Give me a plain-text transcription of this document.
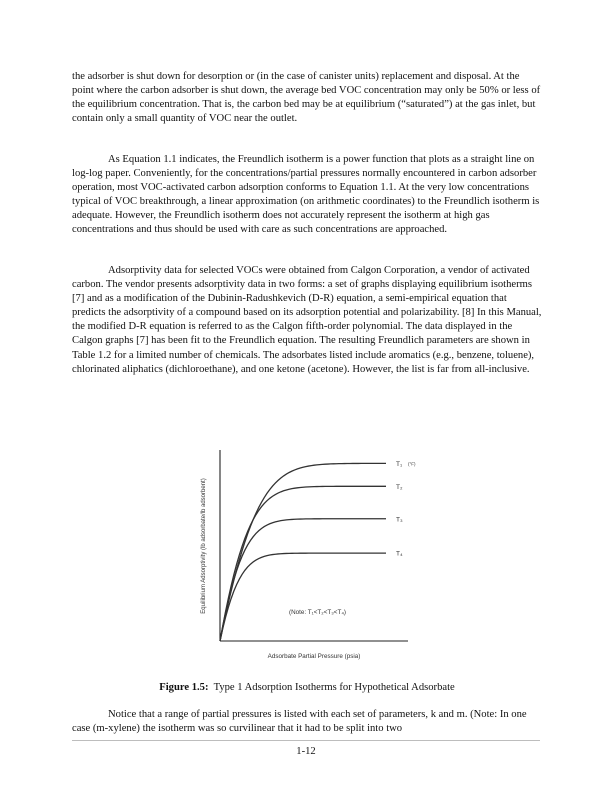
the adsorber is shut down for desorption or (in the case of canister units) replacement and disposal. At the point where the carbon adsorber is shut down, the average bed VOC concentration may only be 50% or less of the equilibrium concentration. That is, the carbon bed may be at equilibrium (“saturated”) at the gas inlet, but contain only a small quantity of VOC near the outlet.

As Equation 1.1 indicates, the Freundlich isotherm is a power function that plots as a straight line on log-log paper. Conveniently, for the concentrations/partial pressures normally encountered in carbon adsorber operation, most VOC-activated carbon adsorption conforms to Equation 1.1. At the very low concentrations typical of VOC breakthrough, a linear approximation (on arithmetic coordinates) to the Freundlich isotherm is adequate. However, the Freundlich isotherm does not accurately represent the isotherm at high gas concentrations and thus should be used with care as such concentrations are approached.

Adsorptivity data for selected VOCs were obtained from Calgon Corporation, a vendor of activated carbon. The vendor presents adsorptivity data in two forms: a set of graphs displaying equilibrium isotherms [7] and as a modification of the Dubinin-Radushkevich (D-R) equation, a semi-empirical equation that predicts the adsorptivity of a compound based on its adsorption potential and polarizability. [8] In this Manual, the modified D-R equation is referred to as the Calgon fifth-order polynomial. The data displayed in the Calgon graphs [7] has been fit to the Freundlich equation. The resulting Freundlich parameters are shown in Table 1.2 for a limited number of chemicals. The adsorbates listed include aromatics (e.g., benzene, toluene), chlorinated aliphatics (dichloroethane), and one ketone (acetone). However, the list is far from all-inclusive.

Equilibrium Adsorptivity (lb adsorbate/lb adsorbent)
Adsorbate Partial Pressure (psia)
(Note: T₁<T₂<T₃<T₄)
T₁ (°F)
T₂
T₃
T₄
Figure 1.5: Type 1 Adsorption Isotherms for Hypothetical Adsorbate

Notice that a range of partial pressures is listed with each set of parameters, k and m. (Note: In one case (m-xylene) the isotherm was so curvilinear that it had to be split into two

1-12
